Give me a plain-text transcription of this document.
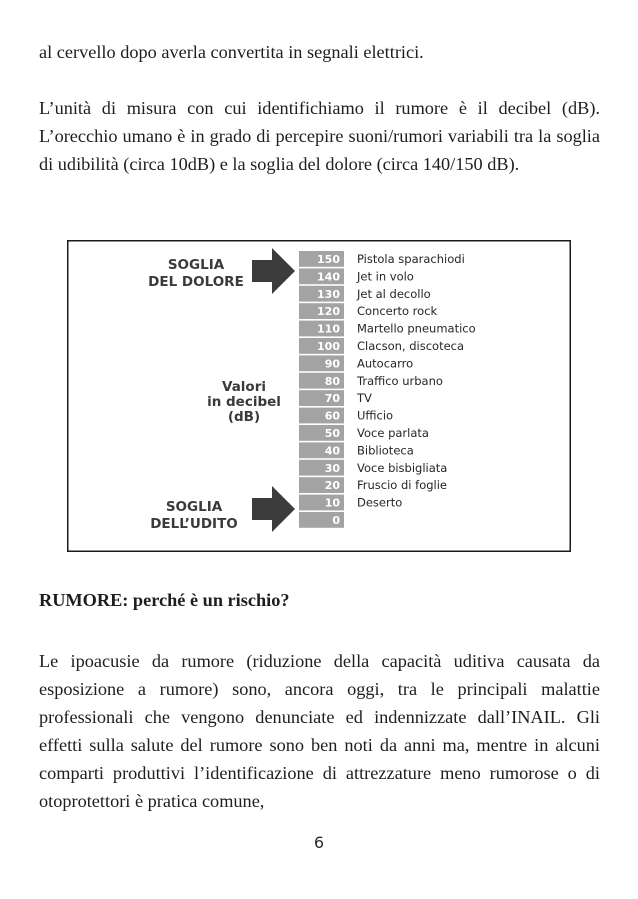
al cervello dopo averla convertita in segnali elettrici.

L’unità di misura con cui identifichiamo il rumore è il decibel (dB). L’orecchio umano è in grado di percepire suoni/rumori variabili tra la soglia di udibilità (circa 10dB) e la soglia del dolore (circa 140/150 dB).

SOGLIA
DEL DOLORE
Valori
in decibel
(dB)
SOGLIA
DELL’UDITO
150 Pistola sparachiodi
140 Jet in volo
130 Jet al decollo
120 Concerto rock
110 Martello pneumatico
100 Clacson, discoteca
90 Autocarro
80 Traffico urbano
70 TV
60 Ufficio
50 Voce parlata
40 Biblioteca
30 Voce bisbigliata
20 Fruscio di foglie
10 Deserto
0

RUMORE: perché è un rischio?

Le ipoacusie da rumore (riduzione della capacità uditiva causata da esposizione a rumore) sono, ancora oggi, tra le principali malattie professionali che vengono denunciate ed indennizzate dall’INAIL. Gli effetti sulla salute del rumore sono ben noti da anni ma, mentre in alcuni comparti produttivi l’identificazione di attrezzature meno rumorose o di otoprotettori è pratica comune,

6
